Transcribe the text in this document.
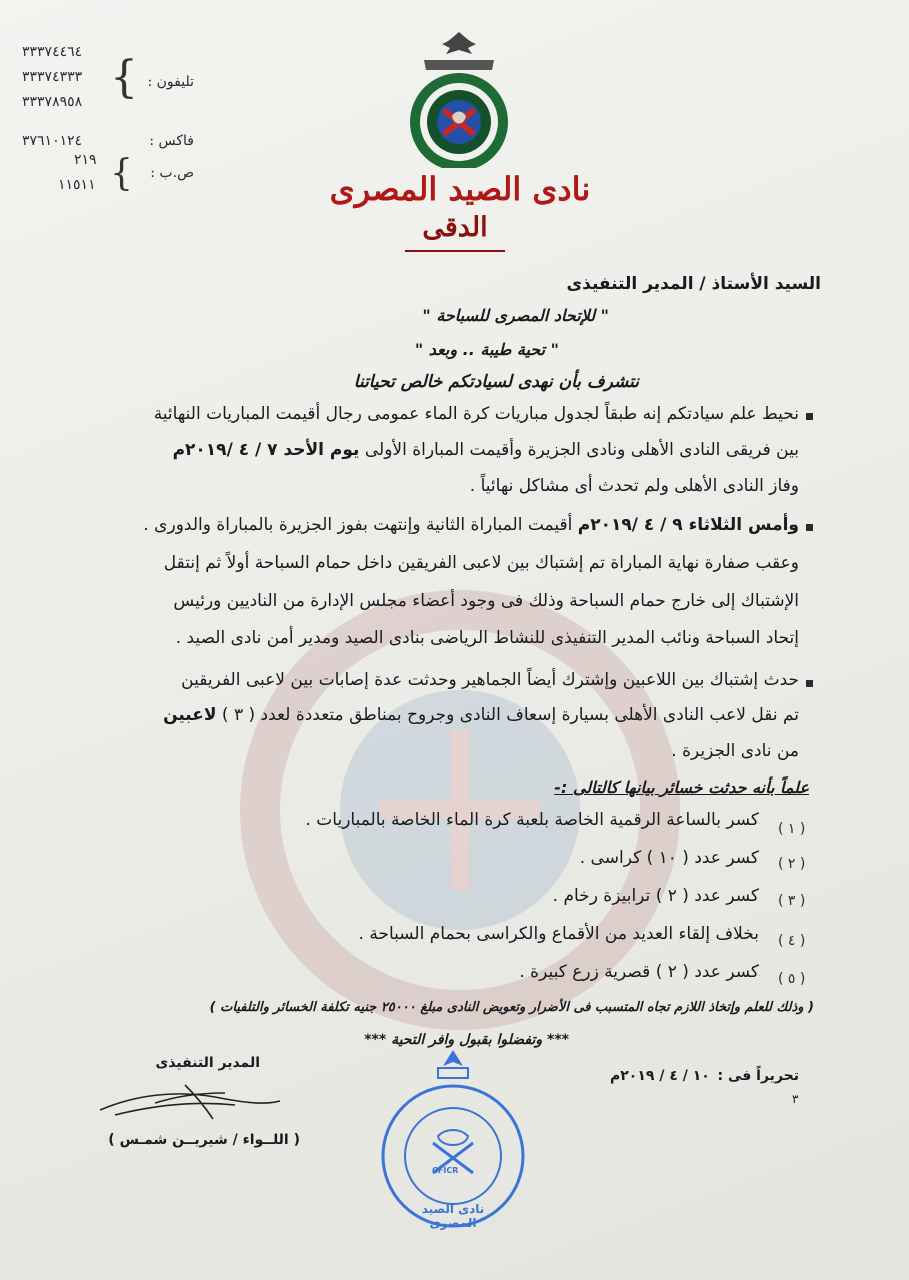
٣٣٣٧٤٤٦٤
٣٣٣٧٤٣٣٣
٣٣٣٧٨٩٥٨ { تليفون :
٣٧٦١٠١٢٤	فاكس :
٢١٩
١١٥١١ {	ص.ب :	نادى الصيد المصرى
الدقى
السيد الأستاذ / المدير التنفيذى
" للإتحاد المصرى للسباحة "
" تحية طيبة .. وبعد "
نتشرف بأن نهدى لسيادتكم خالص تحياتنا
نحيط علم سيادتكم إنه طبقاً لجدول مباريات كرة الماء عمومى رجال أقيمت المباريات النهائية
بين فريقى النادى الأهلى ونادى الجزيرة وأقيمت المباراة الأولى يوم الأحد ٧ / ٤ /٢٠١٩م
وفاز النادى الأهلى ولم تحدث أى مشاكل نهائياً .
وأمس الثلاثاء ٩ / ٤ /٢٠١٩م أقيمت المباراة الثانية وإنتهت بفوز الجزيرة بالمباراة والدورى .
وعقب صفارة نهاية المباراة تم إشتباك بين لاعبى الفريقين داخل حمام السباحة أولاً ثم إنتقل
الإشتباك إلى خارج حمام السباحة وذلك فى وجود أعضاء مجلس الإدارة من الناديين ورئيس
إتحاد السباحة ونائب المدير التنفيذى للنشاط الرياضى بنادى الصيد ومدير أمن نادى الصيد .
حدث إشتباك بين اللاعبين وإشترك أيضاً الجماهير وحدثت عدة إصابات بين لاعبى الفريقين
تم نقل لاعب النادى الأهلى بسيارة إسعاف النادى وجروح بمناطق متعددة لعدد ( ٣ ) لاعبين
من نادى الجزيرة .
علماً بأنه حدثت خسائر بيانها كالتالى :-
( ١ )
كسر بالساعة الرقمية الخاصة بلعبة كرة الماء الخاصة بالمباريات .
( ٢ )
كسر عدد ( ١٠ ) كراسى .
( ٣ )
كسر عدد ( ٢ ) ترابيزة رخام .
( ٤ )
بخلاف إلقاء العديد من الأقماع والكراسى بحمام السباحة .
( ٥ )
كسر عدد ( ٢ ) قصرية زرع كبيرة .
( وذلك للعلم وإتخاذ اللازم تجاه المتسبب فى الأضرار وتعويض النادى مبلغ ٢٥٠٠٠ جنيه تكلفة الخسائر والتلفيات )
*** وتفضلوا بقبول وافر التحية ***
تحريراً فى :
١٠ / ٤ / ٢٠١٩م
٣
المدير التنفيذى
( اللــواء / شيريــن شمـس )
CFICR
نادى الصيد المصرى
